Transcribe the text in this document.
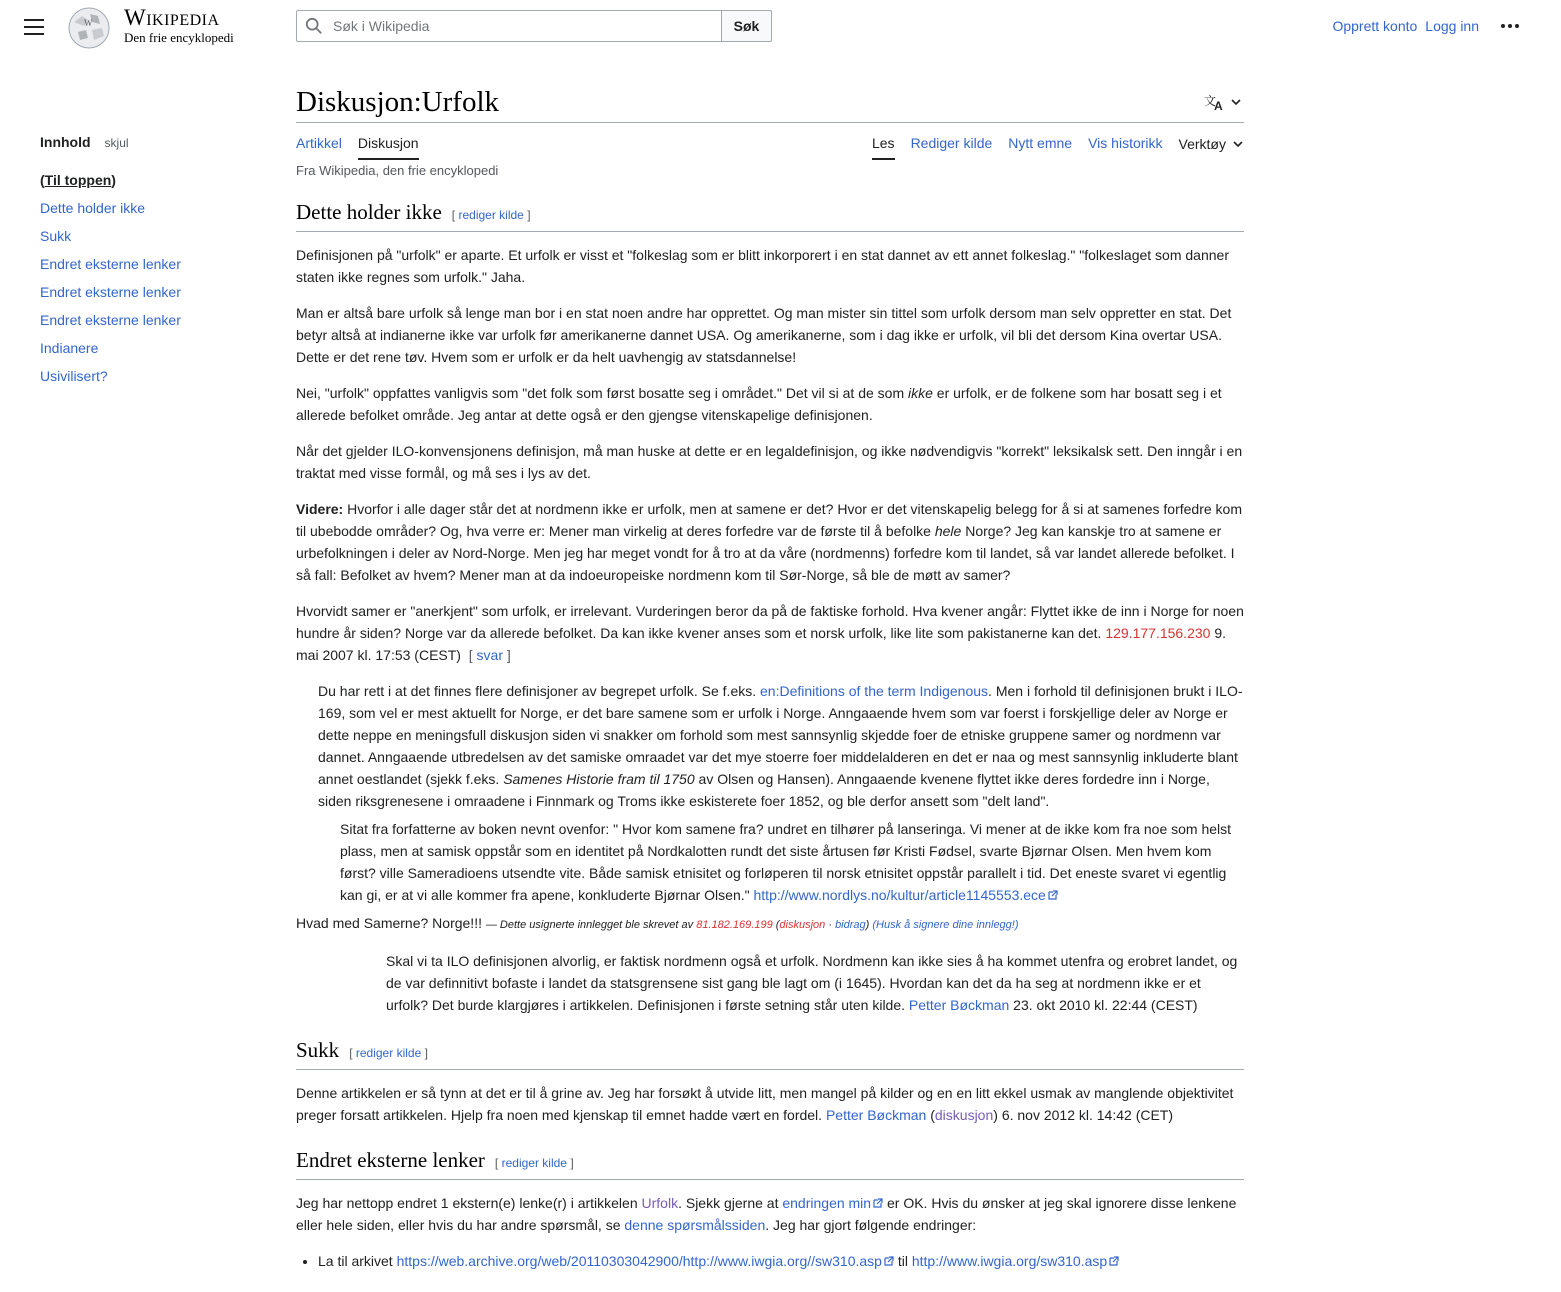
W Wikipedia
Den frie encyklopedi
Søk i Wikipedia
Søk	Opprett konto Logg inn
Innhold skjul
(Til toppen)
Dette holder ikke
Sukk
Endret eksterne lenker
Endret eksterne lenker
Endret eksterne lenker
Indianere
Usivilisert?
Diskusjon:Urfolk	文
A
Artikkel Diskusjon	Les Rediger kilde Nytt emne Vis historikk Verktøy
Fra Wikipedia, den frie encyklopedi
Dette holder ikke [ rediger kilde ]

Definisjonen på "urfolk" er aparte. Et urfolk er visst et "folkeslag som er blitt inkorporert i en stat dannet av ett annet folkeslag." "folkeslaget som danner staten ikke regnes som urfolk." Jaha.

Man er altså bare urfolk så lenge man bor i en stat noen andre har opprettet. Og man mister sin tittel som urfolk dersom man selv oppretter en stat. Det betyr altså at indianerne ikke var urfolk før amerikanerne dannet USA. Og amerikanerne, som i dag ikke er urfolk, vil bli det dersom Kina overtar USA. Dette er det rene tøv. Hvem som er urfolk er da helt uavhengig av statsdannelse!

Nei, "urfolk" oppfattes vanligvis som "det folk som først bosatte seg i området." Det vil si at de som ikke er urfolk, er de folkene som har bosatt seg i et allerede befolket område. Jeg antar at dette også er den gjengse vitenskapelige definisjonen.

Når det gjelder ILO-konvensjonens definisjon, må man huske at dette er en legaldefinisjon, og ikke nødvendigvis "korrekt" leksikalsk sett. Den inngår i en traktat med visse formål, og må ses i lys av det.

Videre: Hvorfor i alle dager står det at nordmenn ikke er urfolk, men at samene er det? Hvor er det vitenskapelig belegg for å si at samenes forfedre kom til ubebodde områder? Og, hva verre er: Mener man virkelig at deres forfedre var de første til å befolke hele Norge? Jeg kan kanskje tro at samene er urbefolkningen i deler av Nord-Norge. Men jeg har meget vondt for å tro at da våre (nordmenns) forfedre kom til landet, så var landet allerede befolket. I så fall: Befolket av hvem? Mener man at da indoeuropeiske nordmenn kom til Sør-Norge, så ble de møtt av samer?

Hvorvidt samer er "anerkjent" som urfolk, er irrelevant. Vurderingen beror da på de faktiske forhold. Hva kvener angår: Flyttet ikke de inn i Norge for noen hundre år siden? Norge var da allerede befolket. Da kan ikke kvener anses som et norsk urfolk, like lite som pakistanerne kan det. 129.177.156.230 9. mai 2007 kl. 17:53 (CEST) [ svar ]

Du har rett i at det finnes flere definisjoner av begrepet urfolk. Se f.eks. en:Definitions of the term Indigenous. Men i forhold til definisjonen brukt i ILO-169, som vel er mest aktuellt for Norge, er det bare samene som er urfolk i Norge. Anngaaende hvem som var foerst i forskjellige deler av Norge er dette neppe en meningsfull diskusjon siden vi snakker om forhold som mest sannsynlig skjedde foer de etniske gruppene samer og nordmenn var dannet. Anngaaende utbredelsen av det samiske omraadet var det mye stoerre foer middelalderen en det er naa og mest sannsynlig inkluderte blant annet oestlandet (sjekk f.eks. Samenes Historie fram til 1750 av Olsen og Hansen). Anngaaende kvenene flyttet ikke deres fordedre inn i Norge, siden riksgrenesene i omraadene i Finnmark og Troms ikke eskisterete foer 1852, og ble derfor ansett som "delt land".
Sitat fra forfatterne av boken nevnt ovenfor: " Hvor kom samene fra? undret en tilhører på lanseringa. Vi mener at de ikke kom fra noe som helst plass, men at samisk oppstår som en identitet på Nordkalotten rundt det siste årtusen før Kristi Fødsel, svarte Bjørnar Olsen. Men hvem kom først? ville Sameradioens utsendte vite. Både samisk etnisitet og forløperen til norsk etnisitet oppstår parallelt i tid. Det eneste svaret vi egentlig kan gi, er at vi alle kommer fra apene, konkluderte Bjørnar Olsen." http://www.nordlys.no/kultur/article1145553.ece
Hvad med Samerne? Norge!!! — Dette usignerte innlegget ble skrevet av 81.182.169.199 (diskusjon · bidrag) (Husk å signere dine innlegg!)
Skal vi ta ILO definisjonen alvorlig, er faktisk nordmenn også et urfolk. Nordmenn kan ikke sies å ha kommet utenfra og erobret landet, og de var definnitivt bofaste i landet da statsgrensene sist gang ble lagt om (i 1645). Hvordan kan det da ha seg at nordmenn ikke er et urfolk? Det burde klargjøres i artikkelen. Definisjonen i første setning står uten kilde. Petter Bøckman 23. okt 2010 kl. 22:44 (CEST)
Sukk [ rediger kilde ]

Denne artikkelen er så tynn at det er til å grine av. Jeg har forsøkt å utvide litt, men mangel på kilder og en en litt ekkel usmak av manglende objektivitet preger forsatt artikkelen. Hjelp fra noen med kjenskap til emnet hadde vært en fordel. Petter Bøckman (diskusjon) 6. nov 2012 kl. 14:42 (CET)

Endret eksterne lenker [ rediger kilde ]

Jeg har nettopp endret 1 ekstern(e) lenke(r) i artikkelen Urfolk. Sjekk gjerne at endringen min er OK. Hvis du ønsker at jeg skal ignorere disse lenkene eller hele siden, eller hvis du har andre spørsmål, se denne spørsmålssiden. Jeg har gjort følgende endringer:

• La til arkivet https://web.archive.org/web/20110303042900/http://www.iwgia.org//sw310.asp til http://www.iwgia.org/sw310.asp
